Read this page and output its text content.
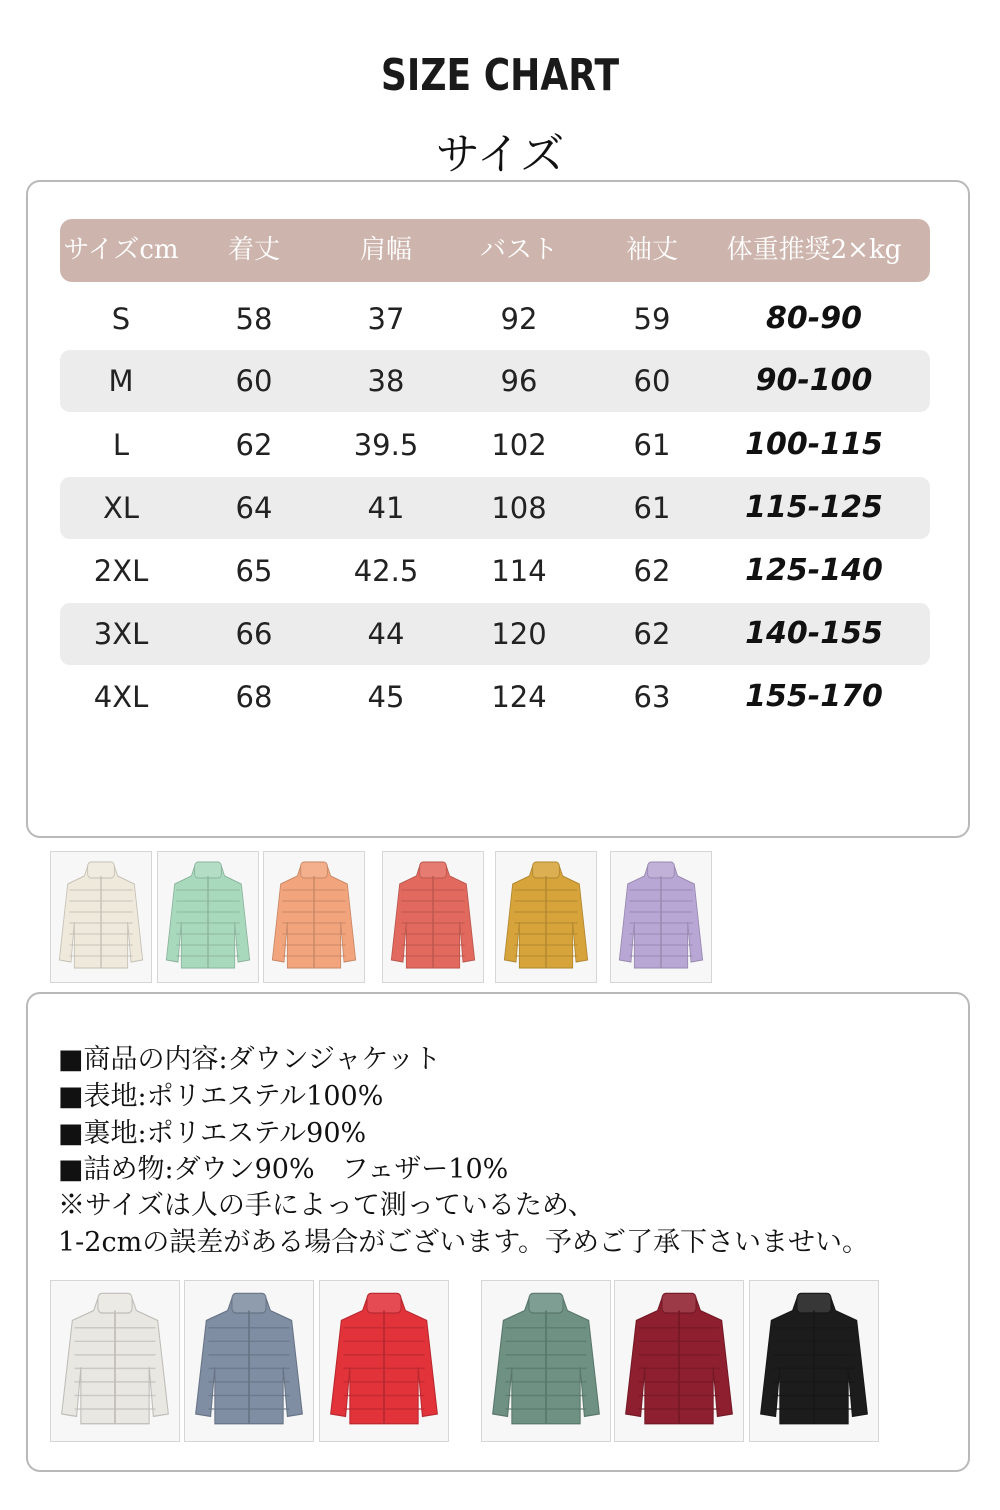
SIZE CHART
サイズ
サイズcm	着丈	肩幅	バスト	袖丈	体重推奨2×kg
S	58	37	92	59	80-90
M	60	38	96	60	90-100
L	62	39.5	102	61	100-115
XL	64	41	108	61	115-125
2XL	65	42.5	114	62	125-140
3XL	66	44	120	62	140-155
4XL	68	45	124	63	155-170
■商品の内容:ダウンジャケット
■表地:ポリエステル100%
■裏地:ポリエステル90%
■詰め物:ダウン90%　フェザー10%
※サイズは人の手によって測っているため、
1-2cmの誤差がある場合がございます。予めご了承下さいませい。
